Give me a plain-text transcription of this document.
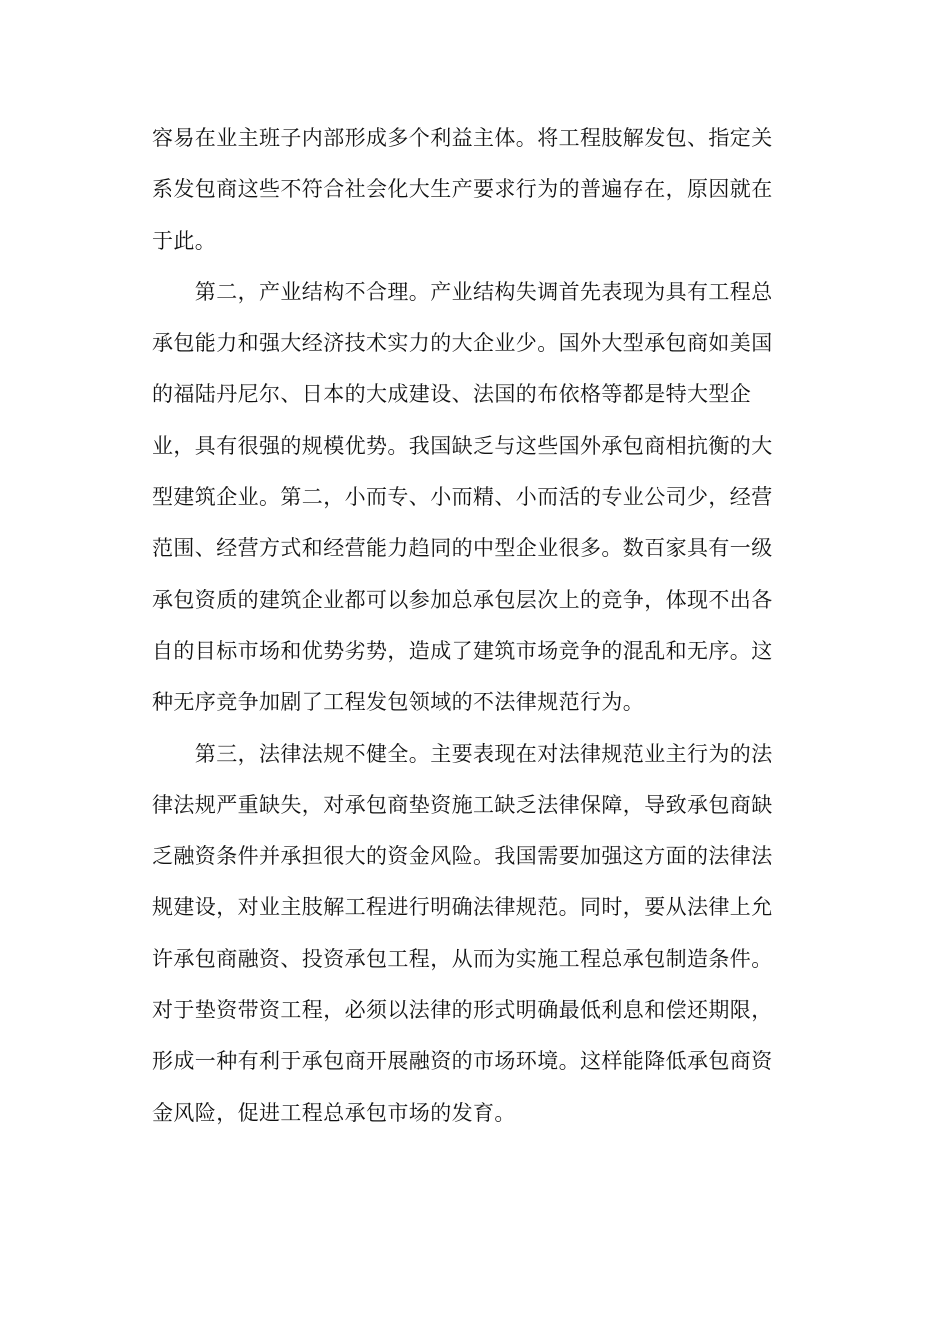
容易在业主班子内部形成多个利益主体。将工程肢解发包、指定关
系发包商这些不符合社会化大生产要求行为的普遍存在，原因就在
于此。
　　第二，产业结构不合理。产业结构失调首先表现为具有工程总
承包能力和强大经济技术实力的大企业少。国外大型承包商如美国
的福陆丹尼尔、日本的大成建设、法国的布依格等都是特大型企
业，具有很强的规模优势。我国缺乏与这些国外承包商相抗衡的大
型建筑企业。第二，小而专、小而精、小而活的专业公司少，经营
范围、经营方式和经营能力趋同的中型企业很多。数百家具有一级
承包资质的建筑企业都可以参加总承包层次上的竞争，体现不出各
自的目标市场和优势劣势，造成了建筑市场竞争的混乱和无序。这
种无序竞争加剧了工程发包领域的不法律规范行为。
　　第三，法律法规不健全。主要表现在对法律规范业主行为的法
律法规严重缺失，对承包商垫资施工缺乏法律保障，导致承包商缺
乏融资条件并承担很大的资金风险。我国需要加强这方面的法律法
规建设，对业主肢解工程进行明确法律规范。同时，要从法律上允
许承包商融资、投资承包工程，从而为实施工程总承包制造条件。
对于垫资带资工程，必须以法律的形式明确最低利息和偿还期限，
形成一种有利于承包商开展融资的市场环境。这样能降低承包商资
金风险，促进工程总承包市场的发育。
